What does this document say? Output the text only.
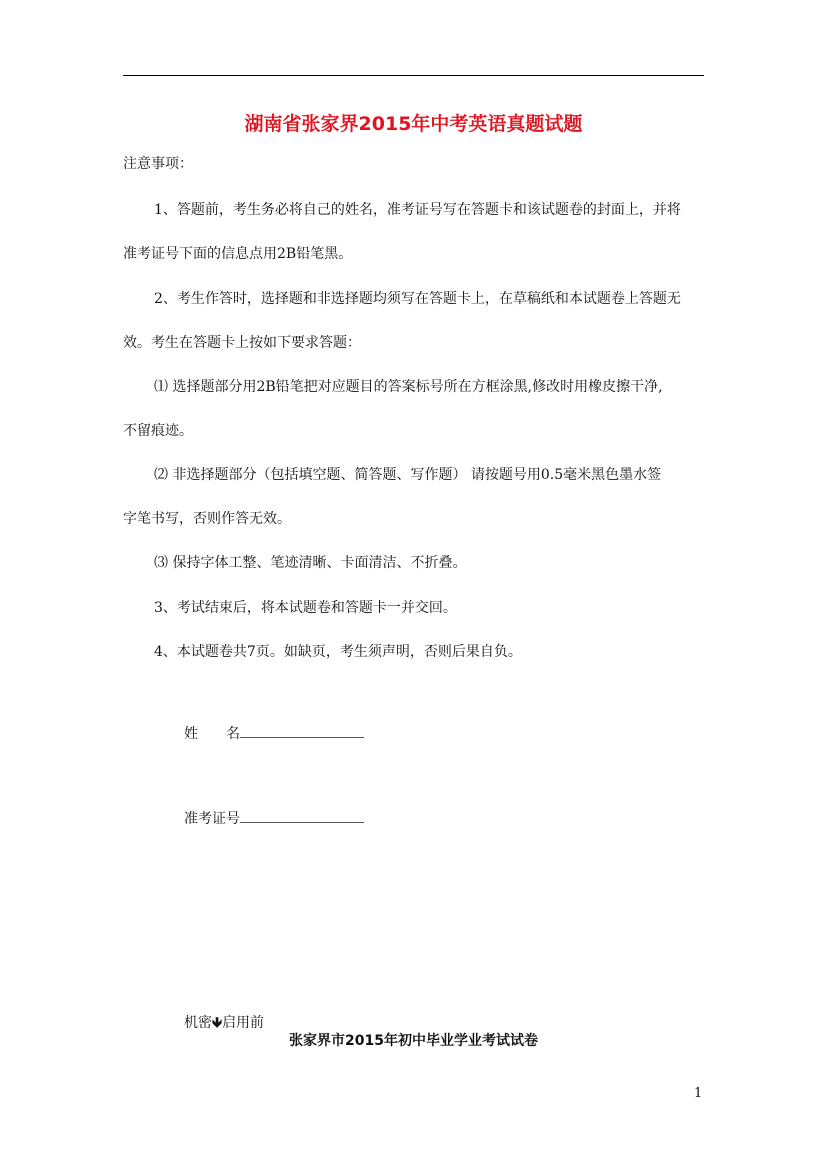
湖南省张家界2015年中考英语真题试题
注意事项：
1、答题前，考生务必将自己的姓名，准考证号写在答题卡和该试题卷的封面上，并将
准考证号下面的信息点用2B铅笔黑。
2、考生作答时，选择题和非选择题均须写在答题卡上，在草稿纸和本试题卷上答题无
效。考生在答题卡上按如下要求答题：
⑴ 选择题部分用2B铅笔把对应题目的答案标号所在方框涂黑,修改时用橡皮擦干净,
不留痕迹。
⑵ 非选择题部分（包括填空题、简答题、写作题） 请按题号用0.5毫米黑色墨水签
字笔书写，否则作答无效。
⑶ 保持字体工整、笔迹清晰、卡面清洁、不折叠。
3、考试结束后，将本试题卷和答题卡一并交回。
4、本试题卷共7页。如缺页，考生须声明，否则后果自负。
姓　　名
准考证号
机密🡻启用前
张家界市2015年初中毕业学业考试试卷
1
